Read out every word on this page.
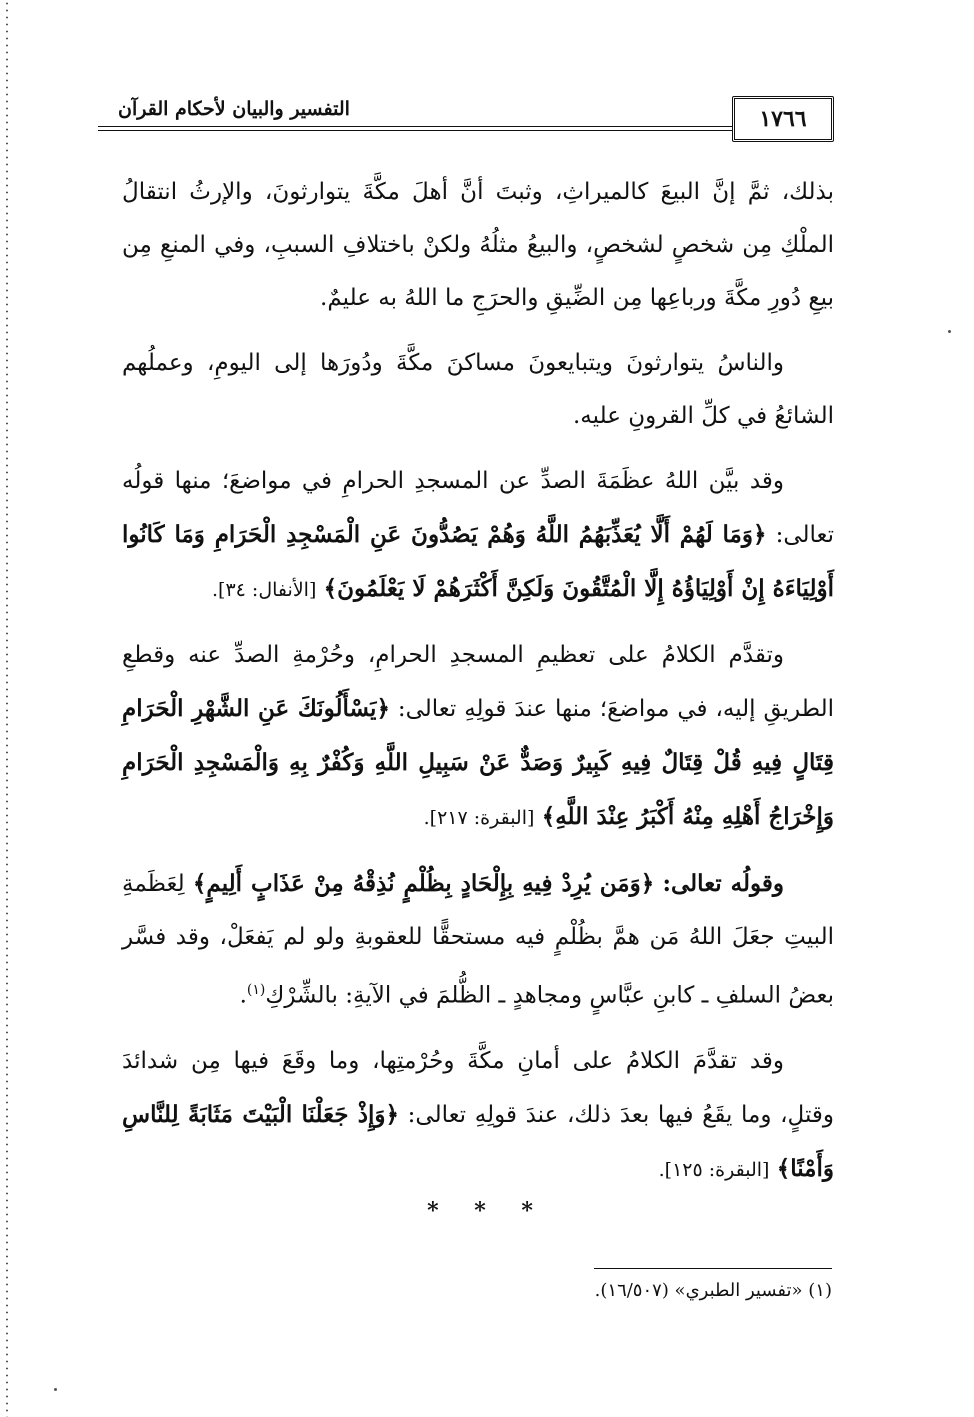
التفسير والبيان لأحكام القرآن	١٧٦٦

بذلك، ثمَّ إنَّ البيعَ كالميراثِ، وثبتَ أنَّ أهلَ مكَّةَ يتوارثونَ، والإرثُ انتقالُ الملْكِ مِن شخصٍ لشخصٍ، والبيعُ مثلُهُ ولكنْ باختلافِ السببِ، وفي المنعِ مِن بيعِ دُورِ مكَّةَ ورباعِها مِن الضِّيقِ والحرَجِ ما اللهُ به عليمٌ.

والناسُ يتوارثونَ ويتبايعونَ مساكنَ مكَّةَ ودُورَها إلى اليومِ، وعملُهم الشائعُ في كلِّ القرونِ عليه.

وقد بيَّن اللهُ عظَمَةَ الصدِّ عن المسجدِ الحرامِ في مواضعَ؛ منها قولُه تعالى: ﴿وَمَا لَهُمْ أَلَّا يُعَذِّبَهُمُ اللَّهُ وَهُمْ يَصُدُّونَ عَنِ الْمَسْجِدِ الْحَرَامِ وَمَا كَانُوا أَوْلِيَاءَهُ إِنْ أَوْلِيَاؤُهُ إِلَّا الْمُتَّقُونَ وَلَكِنَّ أَكْثَرَهُمْ لَا يَعْلَمُونَ﴾ [الأنفال: ٣٤].

وتقدَّم الكلامُ على تعظيمِ المسجدِ الحرامِ، وحُرْمةِ الصدِّ عنه وقطعِ الطريقِ إليه، في مواضعَ؛ منها عندَ قولِهِ تعالى: ﴿يَسْأَلُونَكَ عَنِ الشَّهْرِ الْحَرَامِ قِتَالٍ فِيهِ قُلْ قِتَالٌ فِيهِ كَبِيرٌ وَصَدٌّ عَنْ سَبِيلِ اللَّهِ وَكُفْرٌ بِهِ وَالْمَسْجِدِ الْحَرَامِ وَإِخْرَاجُ أَهْلِهِ مِنْهُ أَكْبَرُ عِنْدَ اللَّهِ﴾ [البقرة: ٢١٧].

وقولُه تعالى: ﴿وَمَن يُرِدْ فِيهِ بِإِلْحَادٍ بِظُلْمٍ نُذِقْهُ مِنْ عَذَابٍ أَلِيمٍ﴾ لِعَظَمةِ البيتِ جعَلَ اللهُ مَن همَّ بظُلْمٍ فيه مستحقًّا للعقوبةِ ولو لم يَفعَلْ، وقد فسَّر بعضُ السلفِ ـ كابنِ عبَّاسٍ ومجاهدٍ ـ الظُّلمَ في الآيةِ: بالشِّرْكِ$^{(١)}$.

وقد تقدَّمَ الكلامُ على أمانِ مكَّةَ وحُرْمتِها، وما وقَعَ فيها مِن شدائدَ وقتلٍ، وما يقَعُ فيها بعدَ ذلك، عندَ قولِهِ تعالى: ﴿وَإِذْ جَعَلْنَا الْبَيْتَ مَثَابَةً لِلنَّاسِ وَأَمْنًا﴾ [البقرة: ١٢٥].

* * *
(١) «تفسير الطبري» (١٦/٥٠٧).
